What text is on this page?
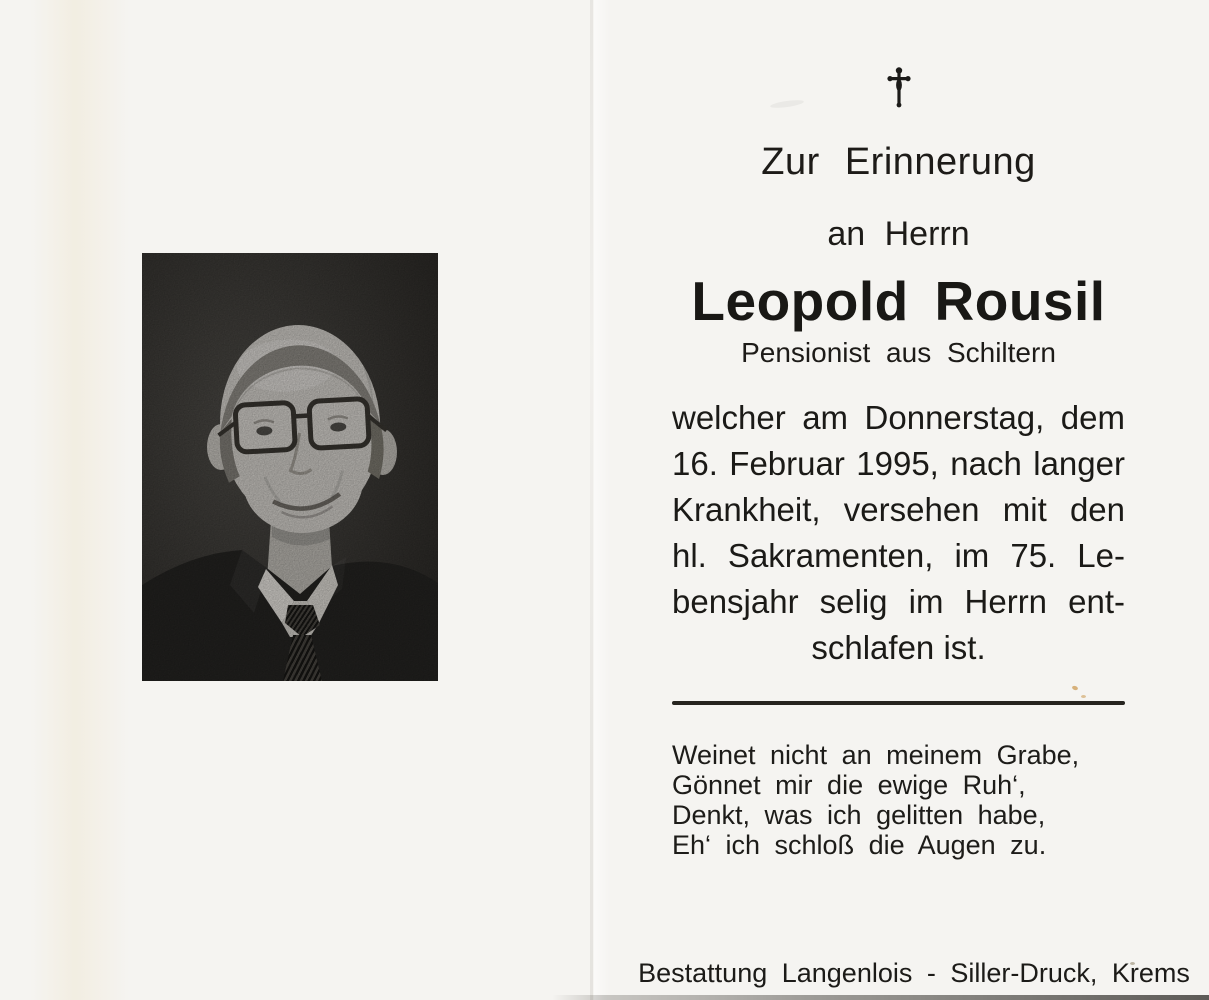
Zur Erinnerung
an Herrn
Leopold Rousil
Pensionist aus Schiltern
welcher am Donnerstag, dem
16. Februar 1995, nach langer
Krankheit, versehen mit den
hl. Sakramenten, im 75. Le-
bensjahr selig im Herrn ent-
schlafen ist.
Weinet nicht an meinem Grabe,
Gönnet mir die ewige Ruh‘,
Denkt, was ich gelitten habe,
Eh‘ ich schloß die Augen zu.
Bestattung Langenlois - Siller-Druck, Krems
